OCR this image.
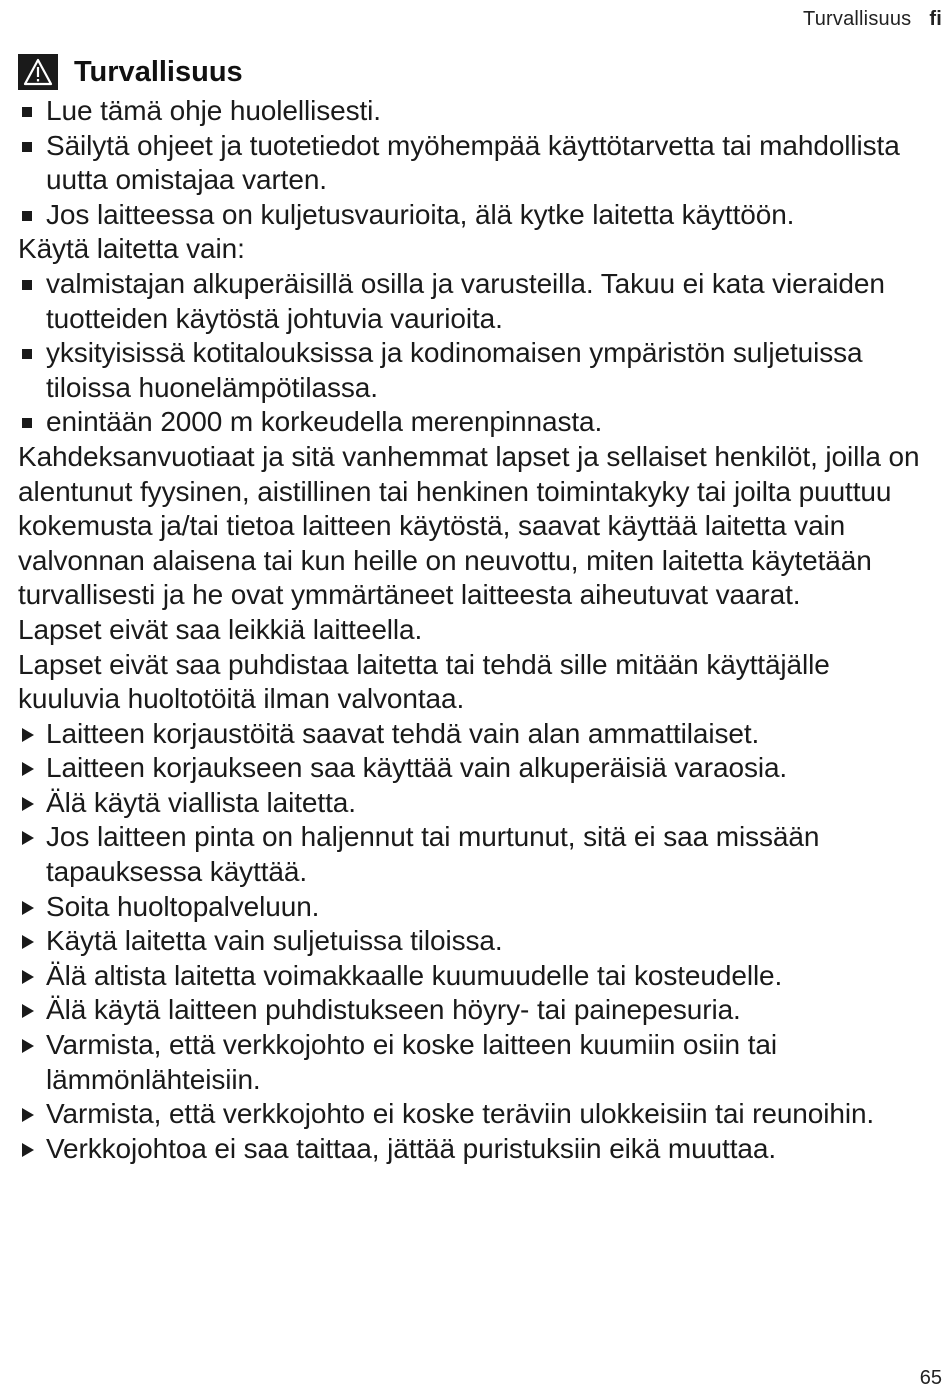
Turvallisuus fi
Turvallisuus
Lue tämä ohje huolellisesti.
Säilytä ohjeet ja tuotetiedot myöhempää käyttötarvetta tai mahdollista uutta omistajaa varten.
Jos laitteessa on kuljetusvaurioita, älä kytke laitetta käyttöön.

Käytä laitetta vain:

valmistajan alkuperäisillä osilla ja varusteilla. Takuu ei kata vieraiden tuotteiden käytöstä johtuvia vaurioita.
yksityisissä kotitalouksissa ja kodinomaisen ympäristön suljetuissa tiloissa huonelämpötilassa.
enintään 2000 m korkeudella merenpinnasta.

Kahdeksanvuotiaat ja sitä vanhemmat lapset ja sellaiset henkilöt, joilla on alentunut fyysinen, aistillinen tai henkinen toimintakyky tai joilta puuttuu kokemusta ja/tai tietoa laitteen käytöstä, saavat käyttää laitetta vain valvonnan alaisena tai kun heille on neuvottu, miten laitetta käytetään turvallisesti ja he ovat ymmärtäneet laitteesta aiheutuvat vaarat.

Lapset eivät saa leikkiä laitteella.

Lapset eivät saa puhdistaa laitetta tai tehdä sille mitään käyttäjälle kuuluvia huoltotöitä ilman valvontaa.

Laitteen korjaustöitä saavat tehdä vain alan ammattilaiset.
Laitteen korjaukseen saa käyttää vain alkuperäisiä varaosia.
Älä käytä viallista laitetta.
Jos laitteen pinta on haljennut tai murtunut, sitä ei saa missään tapauksessa käyttää.
Soita huoltopalveluun.
Käytä laitetta vain suljetuissa tiloissa.
Älä altista laitetta voimakkaalle kuumuudelle tai kosteudelle.
Älä käytä laitteen puhdistukseen höyry- tai painepesuria.
Varmista, että verkkojohto ei koske laitteen kuumiin osiin tai lämmönlähteisiin.
Varmista, että verkkojohto ei koske teräviin ulokkeisiin tai reunoihin.
Verkkojohtoa ei saa taittaa, jättää puristuksiin eikä muuttaa.
65
